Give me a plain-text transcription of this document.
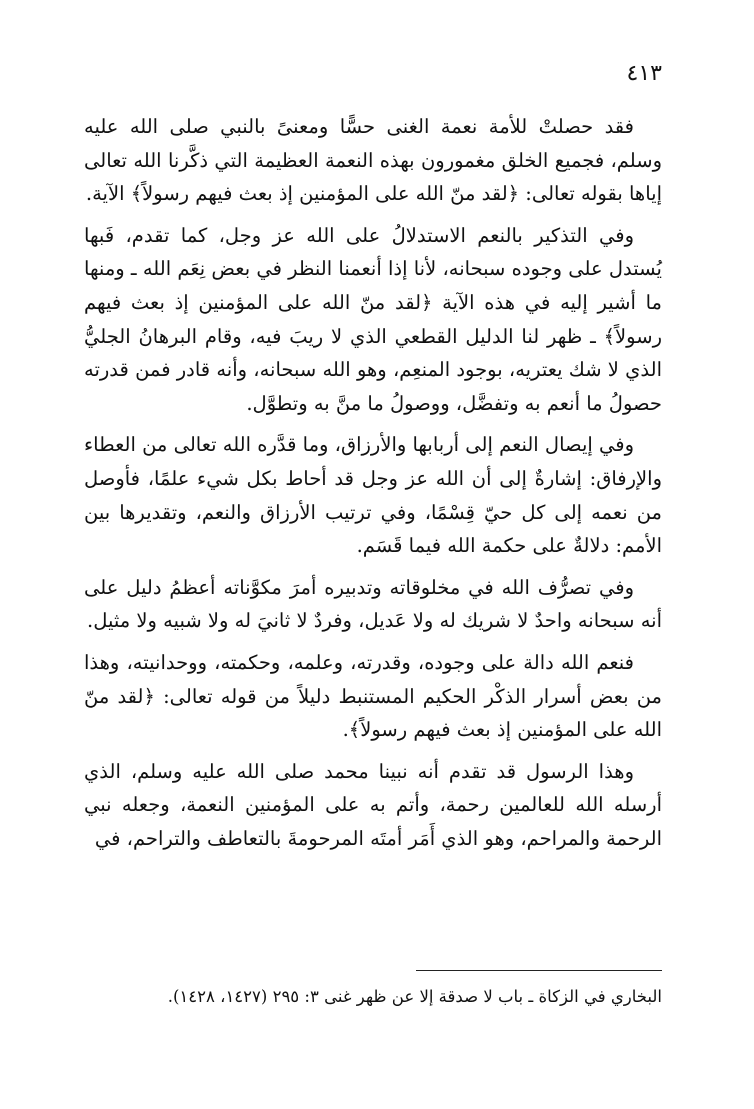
٤١٣

فقد حصلتْ للأمة نعمة الغنى حسًّا ومعنىً بالنبي صلى الله عليه وسلم، فجميع الخلق مغمورون بهذه النعمة العظيمة التي ذكَّرنا الله تعالى إياها بقوله تعالى: ﴿لقد منّ الله على المؤمنين إذ بعث فيهم رسولاً﴾ الآية.

وفي التذكير بالنعم الاستدلالُ على الله عز وجل، كما تقدم، فَبها يُستدل على وجوده سبحانه، لأنا إذا أنعمنا النظر في بعض نِعَم الله ـ ومنها ما أشير إليه في هذه الآية ﴿لقد منّ الله على المؤمنين إذ بعث فيهم رسولاً﴾ ـ ظهر لنا الدليل القطعي الذي لا ريبَ فيه، وقام البرهانُ الجليُّ الذي لا شك يعتريه، بوجود المنعِم، وهو الله سبحانه، وأنه قادر فمن قدرته حصولُ ما أنعم به وتفضَّل، ووصولُ ما منَّ به وتطوَّل.

وفي إيصال النعم إلى أربابها والأرزاق، وما قدَّره الله تعالى من العطاء والإرفاق: إشارةٌ إلى أن الله عز وجل قد أحاط بكل شيء علمًا، فأوصل من نعمه إلى كل حيّ قِسْمًا، وفي ترتيب الأرزاق والنعم، وتقديرها بين الأمم: دلالةٌ على حكمة الله فيما قَسَم.

وفي تصرُّف الله في مخلوقاته وتدبيره أمرَ مكوَّناته أعظمُ دليل على أنه سبحانه واحدٌ لا شريك له ولا عَديل، وفردٌ لا ثانيَ له ولا شبيه ولا مثيل.

فنعم الله دالة على وجوده، وقدرته، وعلمه، وحكمته، ووحدانيته، وهذا من بعض أسرار الذكْر الحكيم المستنبط دليلاً من قوله تعالى: ﴿لقد منّ الله على المؤمنين إذ بعث فيهم رسولاً﴾.

وهذا الرسول قد تقدم أنه نبينا محمد صلى الله عليه وسلم، الذي أرسله الله للعالمين رحمة، وأتم به على المؤمنين النعمة، وجعله نبي الرحمة والمراحم، وهو الذي أَمَر أمتَه المرحومةَ بالتعاطف والتراحم، في

البخاري في الزكاة ـ باب لا صدقة إلا عن ظهر غنى ٣: ٢٩٥ (١٤٢٧، ١٤٢٨).
